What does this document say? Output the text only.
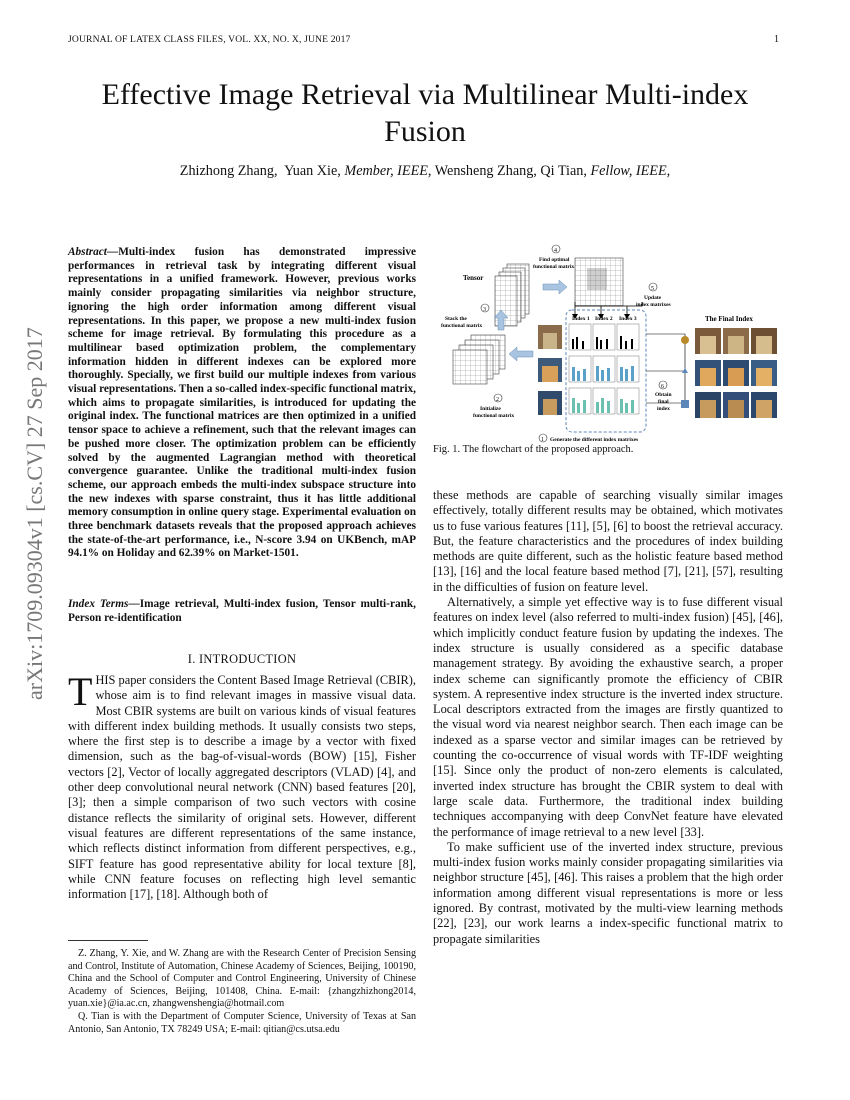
JOURNAL OF LATEX CLASS FILES, VOL. XX, NO. X, JUNE 2017	1
Effective Image Retrieval via Multilinear Multi-index Fusion
Zhizhong Zhang, Yuan Xie, Member, IEEE, Wensheng Zhang, Qi Tian, Fellow, IEEE,
arXiv:1709.09304v1 [cs.CV] 27 Sep 2017
Abstract—Multi-index fusion has demonstrated impressive performances in retrieval task by integrating different visual representations in a unified framework. However, previous works mainly consider propagating similarities via neighbor structure, ignoring the high order information among different visual representations. In this paper, we propose a new multi-index fusion scheme for image retrieval. By formulating this procedure as a multilinear based optimization problem, the complementary information hidden in different indexes can be explored more thoroughly. Specially, we first build our multiple indexes from various visual representations. Then a so-called index-specific functional matrix, which aims to propagate similarities, is introduced for updating the original index. The functional matrices are then optimized in a unified tensor space to achieve a refinement, such that the relevant images can be pushed more closer. The optimization problem can be efficiently solved by the augmented Lagrangian method with theoretical convergence guarantee. Unlike the traditional multi-index fusion scheme, our approach embeds the multi-index subspace structure into the new indexes with sparse constraint, thus it has little additional memory consumption in online query stage. Experimental evaluation on three benchmark datasets reveals that the proposed approach achieves the state-of-the-art performance, i.e., N-score 3.94 on UKBench, mAP 94.1% on Holiday and 62.39% on Market-1501.
Index Terms—Image retrieval, Multi-index fusion, Tensor multi-rank, Person re-identification
I. INTRODUCTION
THIS paper considers the Content Based Image Retrieval (CBIR), whose aim is to find relevant images in massive visual data. Most CBIR systems are built on various kinds of visual features with different index building methods. It usually consists two steps, where the first step is to describe a image by a vector with fixed dimension, such as the bag-of-visual-words (BOW) [15], Fisher vectors [2], Vector of locally aggregated descriptors (VLAD) [4], and other deep convolutional neural network (CNN) based features [20], [3]; then a simple comparison of two such vectors with cosine distance reflects the similarity of original sets. However, different visual features are different representations of the same instance, which reflects distinct information from different perspectives, e.g., SIFT feature has good representative ability for local texture [8], while CNN feature focuses on reflecting high level semantic information [17], [18]. Although both of

Z. Zhang, Y. Xie, and W. Zhang are with the Research Center of Precision Sensing and Control, Institute of Automation, Chinese Academy of Sciences, Beijing, 100190, China and the School of Computer and Control Engineering, University of Chinese Academy of Sciences, Beijing, 101408, China. E-mail: {zhangzhizhong2014, yuan.xie}@ia.ac.cn, zhangwenshengia@hotmail.com

Q. Tian is with the Department of Computer Science, University of Texas at San Antonio, San Antonio, TX 78249 USA; E-mail: qitian@cs.utsa.edu

Tensor
4
Find optimal
functional matrix
5
Update
index matrixes
3
Stack the
functional matrix
2
Initialize
functional matrix
Index 1 Index 2 Index 3
1 Generate the different index matrixes
6
Obtain
final
index
The Final Index
Fig. 1. The flowchart of the proposed approach.

these methods are capable of searching visually similar images effectively, totally different results may be obtained, which motivates us to fuse various features [11], [5], [6] to boost the retrieval accuracy. But, the feature characteristics and the procedures of index building methods are quite different, such as the holistic feature based method [13], [16] and the local feature based method [7], [21], [57], resulting in the difficulties of fusion on feature level.

Alternatively, a simple yet effective way is to fuse different visual features on index level (also referred to multi-index fusion) [45], [46], which implicitly conduct feature fusion by updating the indexes. The index structure is usually considered as a specific database management strategy. By avoiding the exhaustive search, a proper index scheme can significantly promote the efficiency of CBIR system. A representive index structure is the inverted index structure. Local descriptors extracted from the images are firstly quantized to the visual word via nearest neighbor search. Then each image can be indexed as a sparse vector and similar images can be retrieved by counting the co-occurrence of visual words with TF-IDF weighting [15]. Since only the product of non-zero elements is calculated, inverted index structure has brought the CBIR system to deal with large scale data. Furthermore, the traditional index building techniques accompanying with deep ConvNet feature have elevated the performance of image retrieval to a new level [33].

To make sufficient use of the inverted index structure, previous multi-index fusion works mainly consider propagating similarities via neighbor structure [45], [46]. This raises a problem that the high order information among different visual representations is more or less ignored. By contrast, motivated by the multi-view learning methods [22], [23], our work learns a index-specific functional matrix to propagate similarities
